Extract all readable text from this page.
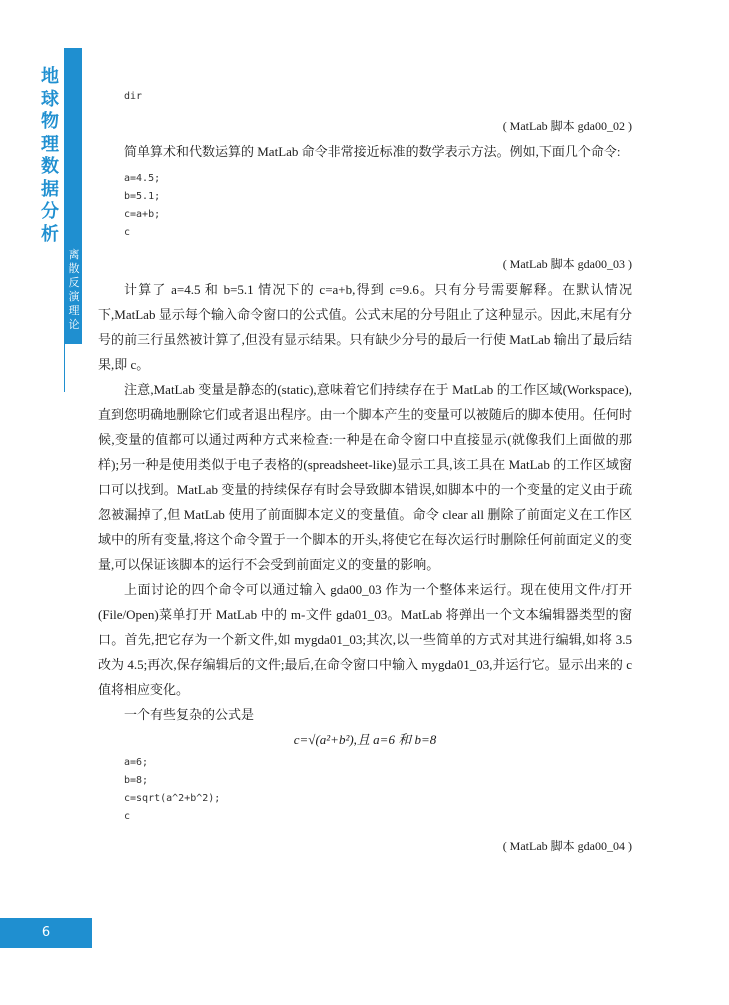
地球物理数据分析
离散反演理论
dir
( MatLab 脚本 gda00_02 )

简单算术和代数运算的 MatLab 命令非常接近标准的数学表示方法。例如,下面几个命令:

a=4.5;
b=5.1;
c=a+b;
c
( MatLab 脚本 gda00_03 )

计算了 a=4.5 和 b=5.1 情况下的 c=a+b,得到 c=9.6。只有分号需要解释。在默认情况下,MatLab 显示每个输入命令窗口的公式值。公式末尾的分号阻止了这种显示。因此,末尾有分号的前三行虽然被计算了,但没有显示结果。只有缺少分号的最后一行使 MatLab 输出了最后结果,即 c。

注意,MatLab 变量是静态的(static),意味着它们持续存在于 MatLab 的工作区域(Workspace),直到您明确地删除它们或者退出程序。由一个脚本产生的变量可以被随后的脚本使用。任何时候,变量的值都可以通过两种方式来检查:一种是在命令窗口中直接显示(就像我们上面做的那样);另一种是使用类似于电子表格的(spreadsheet-like)显示工具,该工具在 MatLab 的工作区域窗口可以找到。MatLab 变量的持续保存有时会导致脚本错误,如脚本中的一个变量的定义由于疏忽被漏掉了,但 MatLab 使用了前面脚本定义的变量值。命令 clear all 删除了前面定义在工作区域中的所有变量,将这个命令置于一个脚本的开头,将使它在每次运行时删除任何前面定义的变量,可以保证该脚本的运行不会受到前面定义的变量的影响。

上面讨论的四个命令可以通过输入 gda00_03 作为一个整体来运行。现在使用文件/打开(File/Open)菜单打开 MatLab 中的 m-文件 gda01_03。MatLab 将弹出一个文本编辑器类型的窗口。首先,把它存为一个新文件,如 mygda01_03;其次,以一些简单的方式对其进行编辑,如将 3.5 改为 4.5;再次,保存编辑后的文件;最后,在命令窗口中输入 mygda01_03,并运行它。显示出来的 c 值将相应变化。

一个有些复杂的公式是

c=√(a²+b²),且 a=6 和 b=8
a=6;
b=8;
c=sqrt(a^2+b^2);
c
( MatLab 脚本 gda00_04 )
6
